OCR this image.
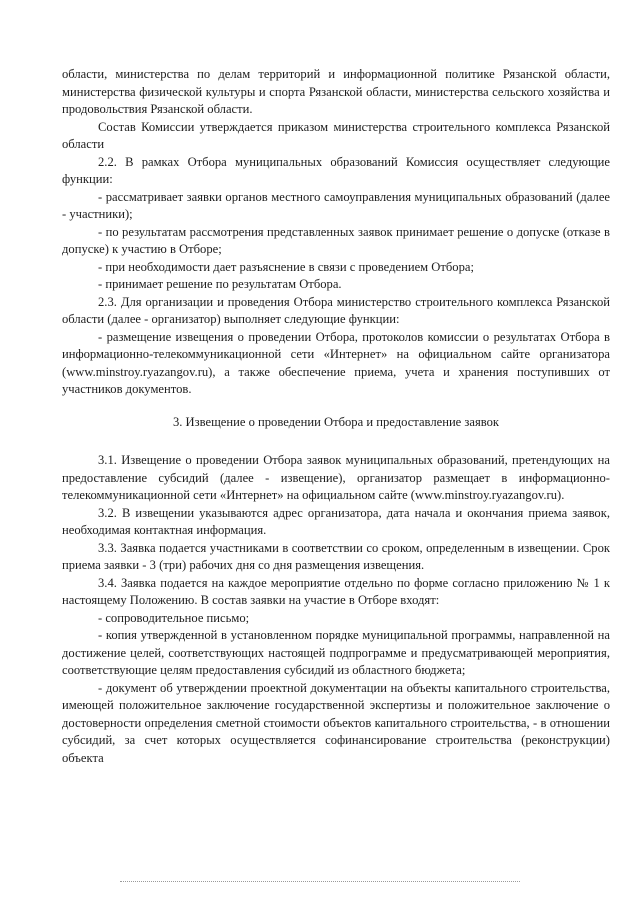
области, министерства по делам территорий и информационной политике Рязанской области, министерства физической культуры и спорта Рязанской области, министерства сельского хозяйства и продовольствия Рязанской области.

Состав Комиссии утверждается приказом министерства строительного комплекса Рязанской области

2.2. В рамках Отбора муниципальных образований Комиссия осуществляет следующие функции:

- рассматривает заявки органов местного самоуправления муниципальных образований (далее - участники);

- по результатам рассмотрения представленных заявок принимает решение о допуске (отказе в допуске) к участию в Отборе;

- при необходимости дает разъяснение в связи с проведением Отбора;

- принимает решение по результатам Отбора.

2.3. Для организации и проведения Отбора министерство строительного комплекса Рязанской области (далее - организатор) выполняет следующие функции:

- размещение извещения о проведении Отбора, протоколов комиссии о результатах Отбора в информационно-телекоммуникационной сети «Интернет» на официальном сайте организатора (www.minstroy.ryazangov.ru), а также обеспечение приема, учета и хранения поступивших от участников документов.

3. Извещение о проведении Отбора и предоставление заявок

3.1. Извещение о проведении Отбора заявок муниципальных образований, претендующих на предоставление субсидий (далее - извещение), организатор размещает в информационно-телекоммуникационной сети «Интернет» на официальном сайте (www.minstroy.ryazangov.ru).

3.2. В извещении указываются адрес организатора, дата начала и окончания приема заявок, необходимая контактная информация.

3.3. Заявка подается участниками в соответствии со сроком, определенным в извещении. Срок приема заявки - 3 (три) рабочих дня со дня размещения извещения.

3.4. Заявка подается на каждое мероприятие отдельно по форме согласно приложению № 1 к настоящему Положению. В состав заявки на участие в Отборе входят:

- сопроводительное письмо;

- копия утвержденной в установленном порядке муниципальной программы, направленной на достижение целей, соответствующих настоящей подпрограмме и предусматривающей мероприятия, соответствующие целям предоставления субсидий из областного бюджета;

- документ об утверждении проектной документации на объекты капитального строительства, имеющей положительное заключение государственной экспертизы и положительное заключение о достоверности определения сметной стоимости объектов капитального строительства, - в отношении субсидий, за счет которых осуществляется софинансирование строительства (реконструкции) объекта
